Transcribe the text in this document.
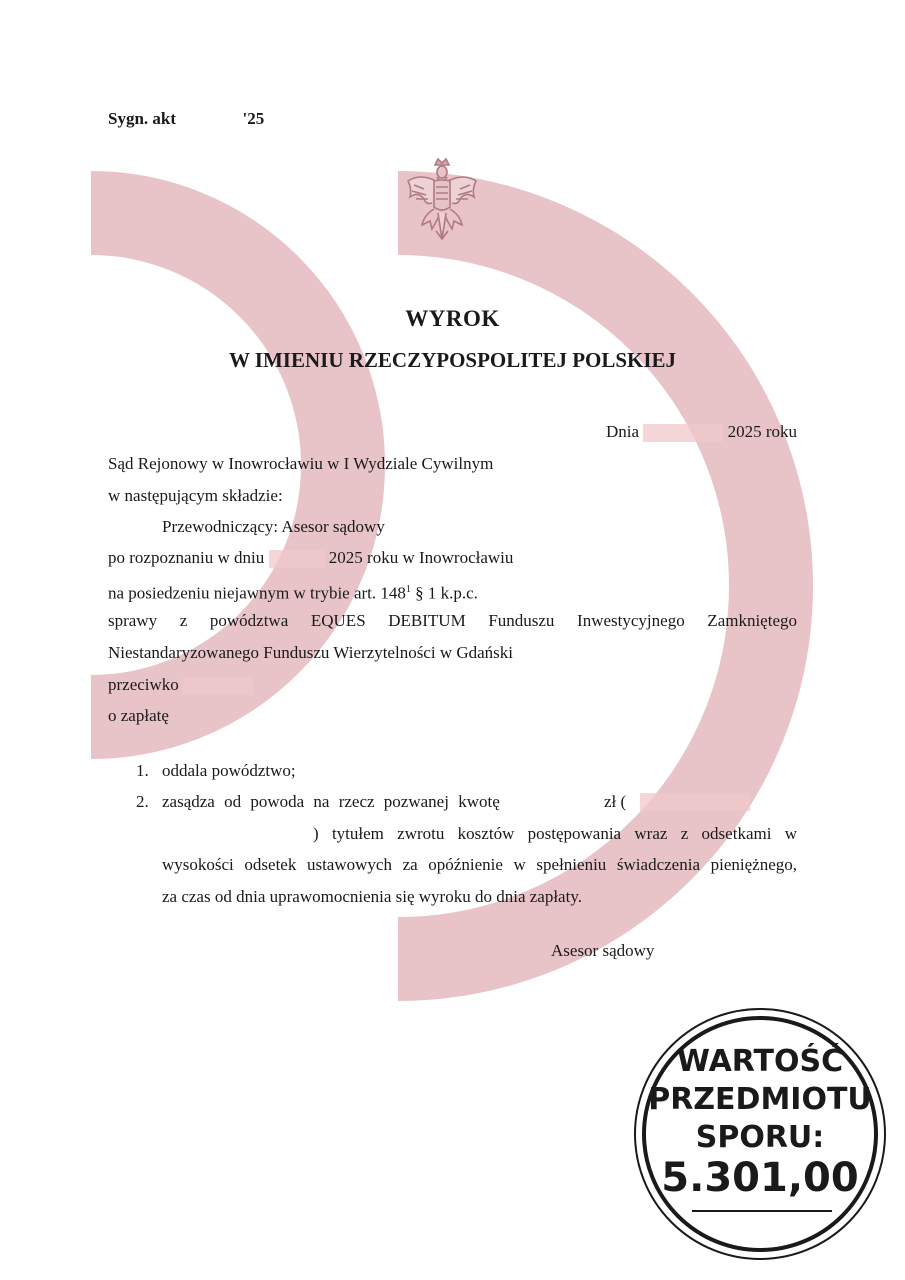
Sygn. akt	'25
WYROK
W IMIENIU RZECZYPOSPOLITEJ POLSKIEJ
Dnia	2025 roku
Sąd Rejonowy w Inowrocławiu w I Wydziale Cywilnym
w następującym składzie:
Przewodniczący: Asesor sądowy
po rozpoznaniu w dniu	2025 roku w Inowrocławiu
na posiedzeniu niejawnym w trybie art. $148^1$ § 1 k.p.c.
sprawy z powództwa EQUES DEBITUM Funduszu Inwestycyjnego Zamkniętego
Niestandaryzowanego Funduszu Wierzytelności w Gdański
przeciwko
o zapłatę
1. oddala powództwo;
2. zasądza od powoda na rzecz pozwanej kwotę	zł (
) tytułem zwrotu kosztów postępowania wraz z odsetkami w
wysokości odsetek ustawowych za opóźnienie w spełnieniu świadczenia pieniężnego,
za czas od dnia uprawomocnienia się wyroku do dnia zapłaty.
Asesor sądowy
WARTOŚĆ
PRZEDMIOTU
SPORU:
5.301,00
